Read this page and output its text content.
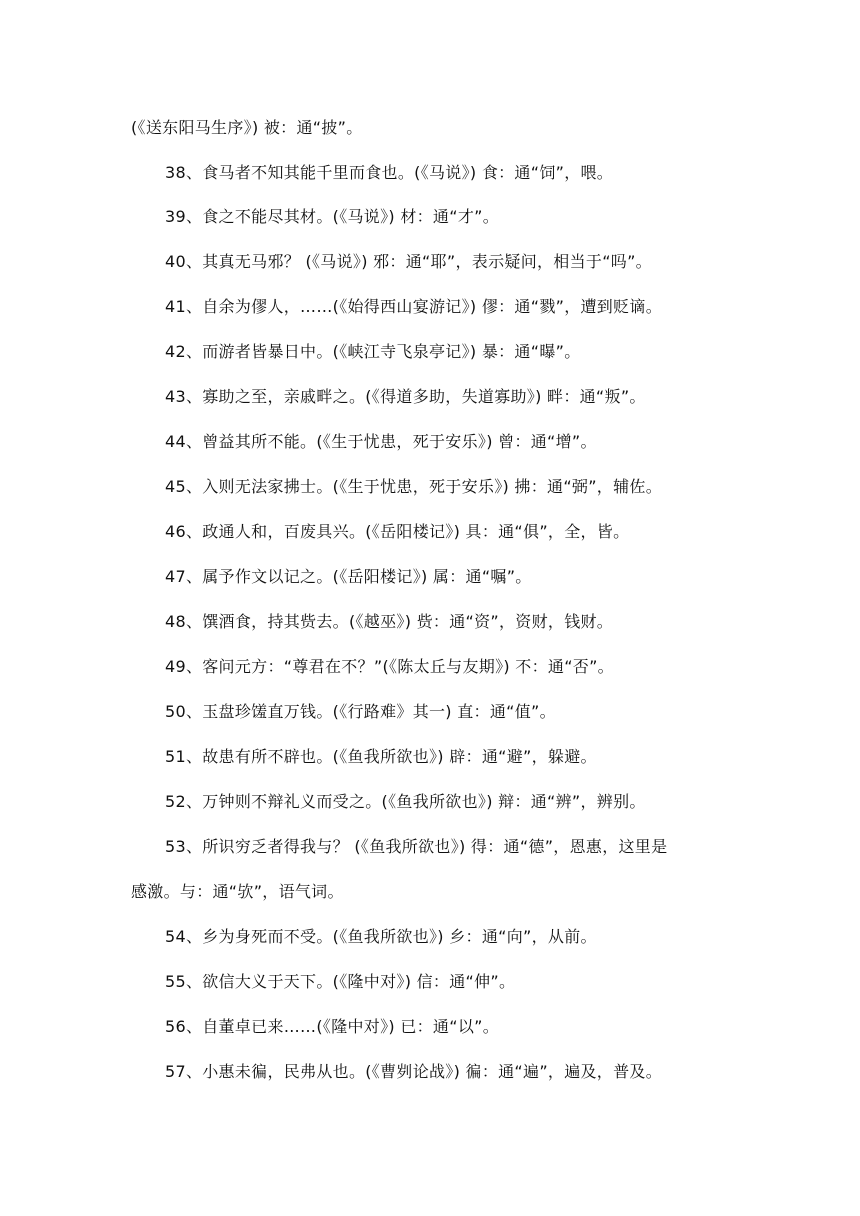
(《送东阳马生序》) 被：通“披”。
38、食马者不知其能千里而食也。(《马说》) 食：通“饲”，喂。
39、食之不能尽其材。(《马说》) 材：通“才”。
40、其真无马邪？ (《马说》) 邪：通“耶”，表示疑问，相当于“吗”。
41、自余为僇人，……(《始得西山宴游记》) 僇：通“戮”，遭到贬谪。
42、而游者皆暴日中。(《峡江寺飞泉亭记》) 暴：通“曝”。
43、寡助之至，亲戚畔之。(《得道多助，失道寡助》) 畔：通“叛”。
44、曾益其所不能。(《生于忧患，死于安乐》) 曾：通“增”。
45、入则无法家拂士。(《生于忧患，死于安乐》) 拂：通“弼”，辅佐。
46、政通人和，百废具兴。(《岳阳楼记》) 具：通“俱”，全，皆。
47、属予作文以记之。(《岳阳楼记》) 属：通“嘱”。
48、馔酒食，持其赀去。(《越巫》) 赀：通“资”，资财，钱财。
49、客问元方：“尊君在不？”(《陈太丘与友期》) 不：通“否”。
50、玉盘珍馐直万钱。(《行路难》其一) 直：通“值”。
51、故患有所不辟也。(《鱼我所欲也》) 辟：通“避”，躲避。
52、万钟则不辩礼义而受之。(《鱼我所欲也》) 辩：通“辨”，辨别。
53、所识穷乏者得我与？ (《鱼我所欲也》) 得：通“德”，恩惠，这里是
感激。与：通“欤”，语气词。
54、乡为身死而不受。(《鱼我所欲也》) 乡：通“向”，从前。
55、欲信大义于天下。(《隆中对》) 信：通“伸”。
56、自董卓已来……(《隆中对》) 已：通“以”。
57、小惠未徧，民弗从也。(《曹刿论战》) 徧：通“遍”，遍及，普及。
